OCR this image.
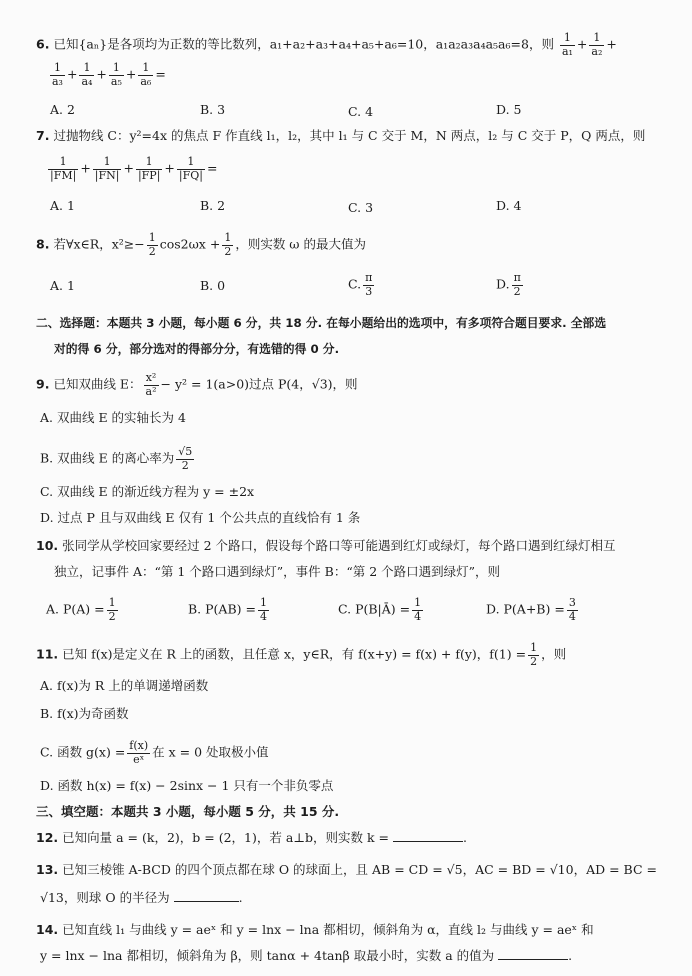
6. 已知{aₙ}是各项均为正数的等比数列，a₁+a₂+a₃+a₄+a₅+a₆=10，a₁a₂a₃a₄a₅a₆=8，则 $\frac{1}{\text{a₁}} + \frac{1}{\text{a₂}}$ +
$\frac{1}{\text{a₃}} + \frac{1}{\text{a₄}} + \frac{1}{\text{a₅}} + \frac{1}{\text{a₆}}$ =
A. 2	B. 3	C. 4	D. 5
7. 过抛物线 C：y²=4x 的焦点 F 作直线 l₁，l₂，其中 l₁ 与 C 交于 M，N 两点，l₂ 与 C 交于 P，Q 两点，则
$\frac{1}{|FM|} + \frac{1}{|FN|} + \frac{1}{|FP|} + \frac{1}{|FQ|}$ =
A. 1	B. 2	C. 3	D. 4
8. 若∀x∈R，$x^2\ge- \frac{1}{2} \cos 2\omega x + \frac{1}{2}$ ，则实数 ω 的最大值为
A. 1	B. 0	C. $\frac{\pi}{3}$	D. $\frac{\pi}{2}$
二、选择题：本题共 3 小题，每小题 6 分，共 18 分. 在每小题给出的选项中，有多项符合题目要求. 全部选
对的得 6 分，部分选对的得部分分，有选错的得 0 分.
9. 已知双曲线 E： $\frac{\text{x²}}{\text{a²}} - y^2 = 1(a>0)$过点 P(4，√3)，则
A. 双曲线 E 的实轴长为 4
B. 双曲线 E 的离心率为 $\frac{√5}{2}$
C. 双曲线 E 的渐近线方程为 y = ±2x
D. 过点 P 且与双曲线 E 仅有 1 个公共点的直线恰有 1 条
10. 张同学从学校回家要经过 2 个路口，假设每个路口等可能遇到红灯或绿灯，每个路口遇到红绿灯相互
独立，记事件 A：“第 1 个路口遇到绿灯”，事件 B：“第 2 个路口遇到绿灯”，则
A. $P(A) = \frac{1}{2}$	B. $P(AB) = \frac{1}{4}$	C. P(B|Ā) = $\frac{1}{4}$	D. $P(A+B) = \frac{3}{4}$
11. 已知 f(x)是定义在 R 上的函数，且任意 x，y∈R，有 f(x+y) = f(x) + f(y)，$f(1) = \frac{1}{2}$ ，则
A. f(x)为 R 上的单调递增函数
B. f(x)为奇函数
C. 函数 $g(x) = \frac{f(x)}{\text{eˣ}}$ 在 x = 0 处取极小值
D. 函数 h(x) = f(x) − 2sinx − 1 只有一个非负零点
三、填空题：本题共 3 小题，每小题 5 分，共 15 分.
12. 已知向量 a = (k，2)，b = (2，1)，若 a⊥b，则实数 k =	.
13. 已知三棱锥 A-BCD 的四个顶点都在球 O 的球面上，且 AB = CD = √5，AC = BD = √10，AD = BC =
√13，则球 O 的半径为	.
14. 已知直线 l₁ 与曲线 y = aeˣ 和 y = lnx − lna 都相切，倾斜角为 α，直线 l₂ 与曲线 y = aeˣ 和
y = lnx − lna 都相切，倾斜角为 β，则 tanα + 4tanβ 取最小时，实数 a 的值为	.
